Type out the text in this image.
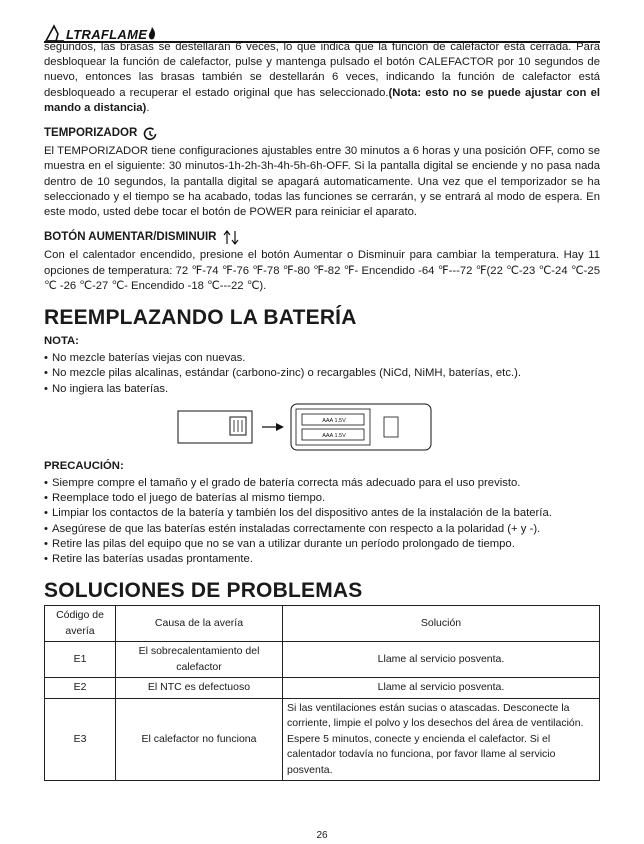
LTRAFLAME

segundos, las brasas se destellarán 6 veces, lo que indica que la función de calefactor está cerrada. Para desbloquear la función de calefactor, pulse y mantenga pulsado el botón CALEFACTOR por 10 segundos de nuevo, entonces las brasas también se destellarán 6 veces, indicando la función de calefactor está desbloqueado a recuperar el estado original que has seleccionado.(Nota: esto no se puede ajustar con el mando a distancia).

TEMPORIZADOR

El TEMPORIZADOR tiene configuraciones ajustables entre 30 minutos a 6 horas y una posición OFF, como se muestra en el siguiente: 30 minutos-1h-2h-3h-4h-5h-6h-OFF. Si la pantalla digital se enciende y no pasa nada dentro de 10 segundos, la pantalla digital se apagará automaticamente. Una vez que el temporizador se ha seleccionado y el tiempo se ha acabado, todas las funciones se cerrarán, y se entrará al modo de espera. En este modo, usted debe tocar el botón de POWER para reiniciar el aparato.

BOTÓN AUMENTAR/DISMINUIR

Con el calentador encendido, presione el botón Aumentar o Disminuir para cambiar la temperatura. Hay 11 opciones de temperatura: 72 ℉-74 ℉-76 ℉-78 ℉-80 ℉-82 ℉- Encendido -64 ℉---72 ℉(22 ℃-23 ℃-24 ℃-25 ℃ -26 ℃-27 ℃- Encendido -18 ℃---22 ℃).

REEMPLAZANDO LA BATERÍA
NOTA:
• No mezcle baterías viejas con nuevas.
• No mezcle pilas alcalinas, estándar (carbono-zinc) o recargables (NiCd, NiMH, baterías, etc.).
• No ingiera las baterías.
AAA 1.5V
AAA 1.5V
PRECAUCIÓN:
• Siempre compre el tamaño y el grado de batería correcta más adecuado para el uso previsto.
• Reemplace todo el juego de baterías al mismo tiempo.
• Limpiar los contactos de la batería y también los del dispositivo antes de la instalación de la batería.
• Asegúrese de que las baterías estén instaladas correctamente con respecto a la polaridad (+ y -).
• Retire las pilas del equipo que no se van a utilizar durante un período prolongado de tiempo.
• Retire las baterías usadas prontamente.
SOLUCIONES DE PROBLEMAS
Código de avería	Causa de la avería	Solución
E1	El sobrecalentamiento del calefactor	Llame al servicio posventa.
E2	El NTC es defectuoso	Llame al servicio posventa.
E3	El calefactor no funciona	Si las ventilaciones están sucias o atascadas. Desconecte la corriente, limpie el polvo y los desechos del área de ventilación. Espere 5 minutos, conecte y encienda el calefactor. Si el calentador todavía no funciona, por favor llame al servicio posventa.
26
